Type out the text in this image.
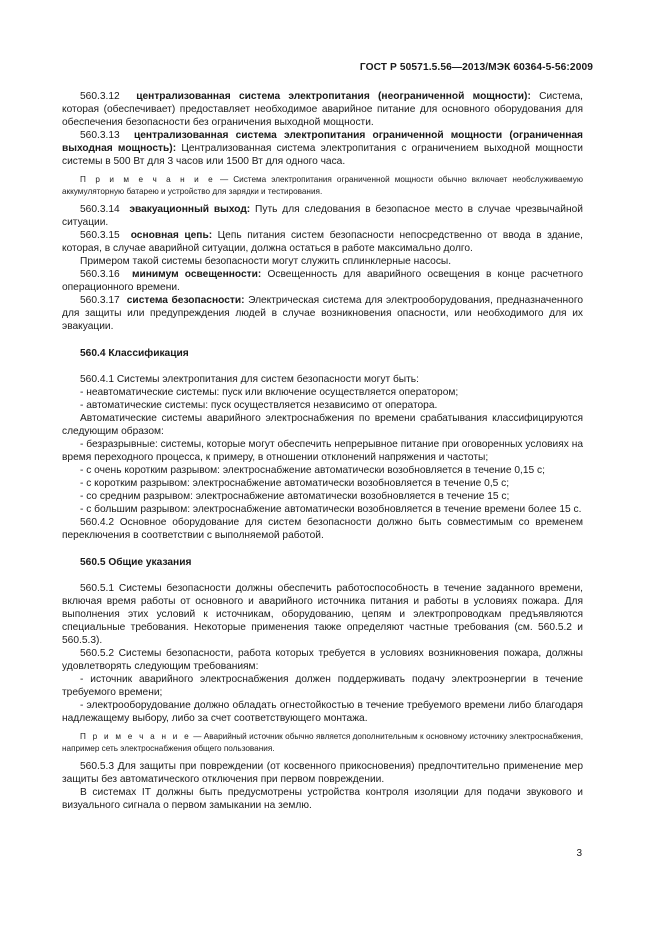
ГОСТ Р 50571.5.56—2013/МЭК 60364-5-56:2009

560.3.12 централизованная система электропитания (неограниченной мощности): Система, которая (обеспечивает) предоставляет необходимое аварийное питание для основного оборудования для обеспечения безопасности без ограничения выходной мощности.

560.3.13 централизованная система электропитания ограниченной мощности (ограниченная выходная мощность): Централизованная система электропитания с ограничением выходной мощности системы в 500 Вт для 3 часов или 1500 Вт для одного часа.

П р и м е ч а н и е — Система электропитания ограниченной мощности обычно включает необслуживаемую аккумуляторную батарею и устройство для зарядки и тестирования.

560.3.14 эвакуационный выход: Путь для следования в безопасное место в случае чрезвычайной ситуации.

560.3.15 основная цепь: Цепь питания систем безопасности непосредственно от ввода в здание, которая, в случае аварийной ситуации, должна остаться в работе максимально долго.

Примером такой системы безопасности могут служить сплинклерные насосы.

560.3.16 минимум освещенности: Освещенность для аварийного освещения в конце расчетного операционного времени.

560.3.17 система безопасности: Электрическая система для электрооборудования, предназначенного для защиты или предупреждения людей в случае возникновения опасности, или необходимого для их эвакуации.

560.4 Классификация

560.4.1 Системы электропитания для систем безопасности могут быть:

- неавтоматические системы: пуск или включение осуществляется оператором;

- автоматические системы: пуск осуществляется независимо от оператора.

Автоматические системы аварийного электроснабжения по времени срабатывания классифицируются следующим образом:

- безразрывные: системы, которые могут обеспечить непрерывное питание при оговоренных условиях на время переходного процесса, к примеру, в отношении отклонений напряжения и частоты;

- с очень коротким разрывом: электроснабжение автоматически возобновляется в течение 0,15 с;

- с коротким разрывом: электроснабжение автоматически возобновляется в течение 0,5 с;

- со средним разрывом: электроснабжение автоматически возобновляется в течение 15 с;

- с большим разрывом: электроснабжение автоматически возобновляется в течение времени более 15 с.

560.4.2 Основное оборудование для систем безопасности должно быть совместимым со временем переключения в соответствии с выполняемой работой.

560.5 Общие указания

560.5.1 Системы безопасности должны обеспечить работоспособность в течение заданного времени, включая время работы от основного и аварийного источника питания и работы в условиях пожара. Для выполнения этих условий к источникам, оборудованию, цепям и электропроводкам предъявляются специальные требования. Некоторые применения также определяют частные требования (см. 560.5.2 и 560.5.3).

560.5.2 Системы безопасности, работа которых требуется в условиях возникновения пожара, должны удовлетворять следующим требованиям:

- источник аварийного электроснабжения должен поддерживать подачу электроэнергии в течение требуемого времени;

- электрооборудование должно обладать огнестойкостью в течение требуемого времени либо благодаря надлежащему выбору, либо за счет соответствующего монтажа.

П р и м е ч а н и е — Аварийный источник обычно является дополнительным к основному источнику электроснабжения, например сеть электроснабжения общего пользования.

560.5.3 Для защиты при повреждении (от косвенного прикосновения) предпочтительно применение мер защиты без автоматического отключения при первом повреждении.

В системах IT должны быть предусмотрены устройства контроля изоляции для подачи звукового и визуального сигнала о первом замыкании на землю.

3
